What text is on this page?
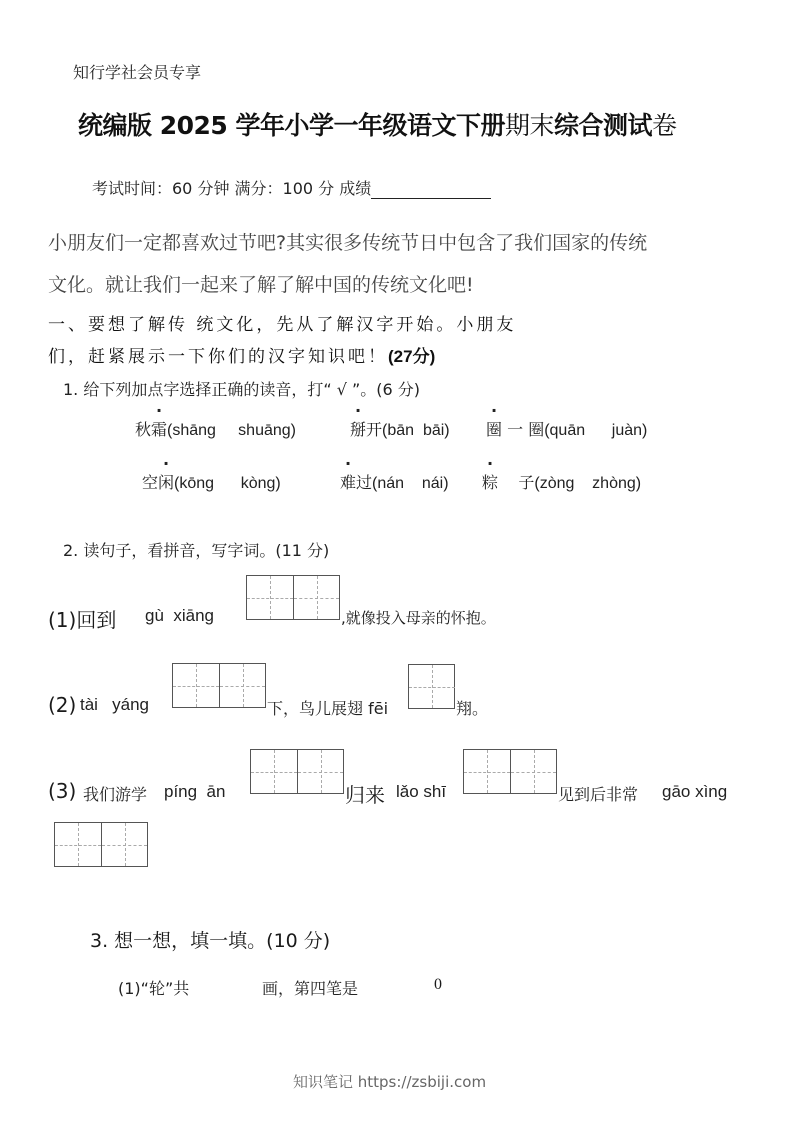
知行学社会员专享
统编版 2025 学年小学一年级语文下册期末综合测试卷
考试时间：60 分钟 满分：100 分 成绩
小朋友们一定都喜欢过节吧?其实很多传统节日中包含了我们国家的传统
文化。就让我们一起来了解了解中国的传统文化吧!
一、要想了解传 统文化，先从了解汉字开始。小朋友
们，赶紧展示一下你们的汉字知识吧！(27分)
1. 给下列加点字选择正确的读音，打“ √ ”。(6 分)
秋霜(shāng     shuāng)	掰开(bān  bāi) 圈 一 圈(quān      juàn)
空闲(kōng      kòng)	难过(nán    nái) 粽    子(zòng    zhòng)
2. 读句子，看拼音，写字词。(11 分)
(1)回到 gù  xiāng	,就像投入母亲的怀抱。
(2) tài   yáng	下，鸟儿展翅 fēi	翔。
(3) 我们游学 píng  ān	归来 lǎo shī	见到后非常 gāo xìng
3. 想一想，填一填。(10 分)
(1)“轮”共	画，第四笔是	0
知识笔记 https://zsbiji.com
